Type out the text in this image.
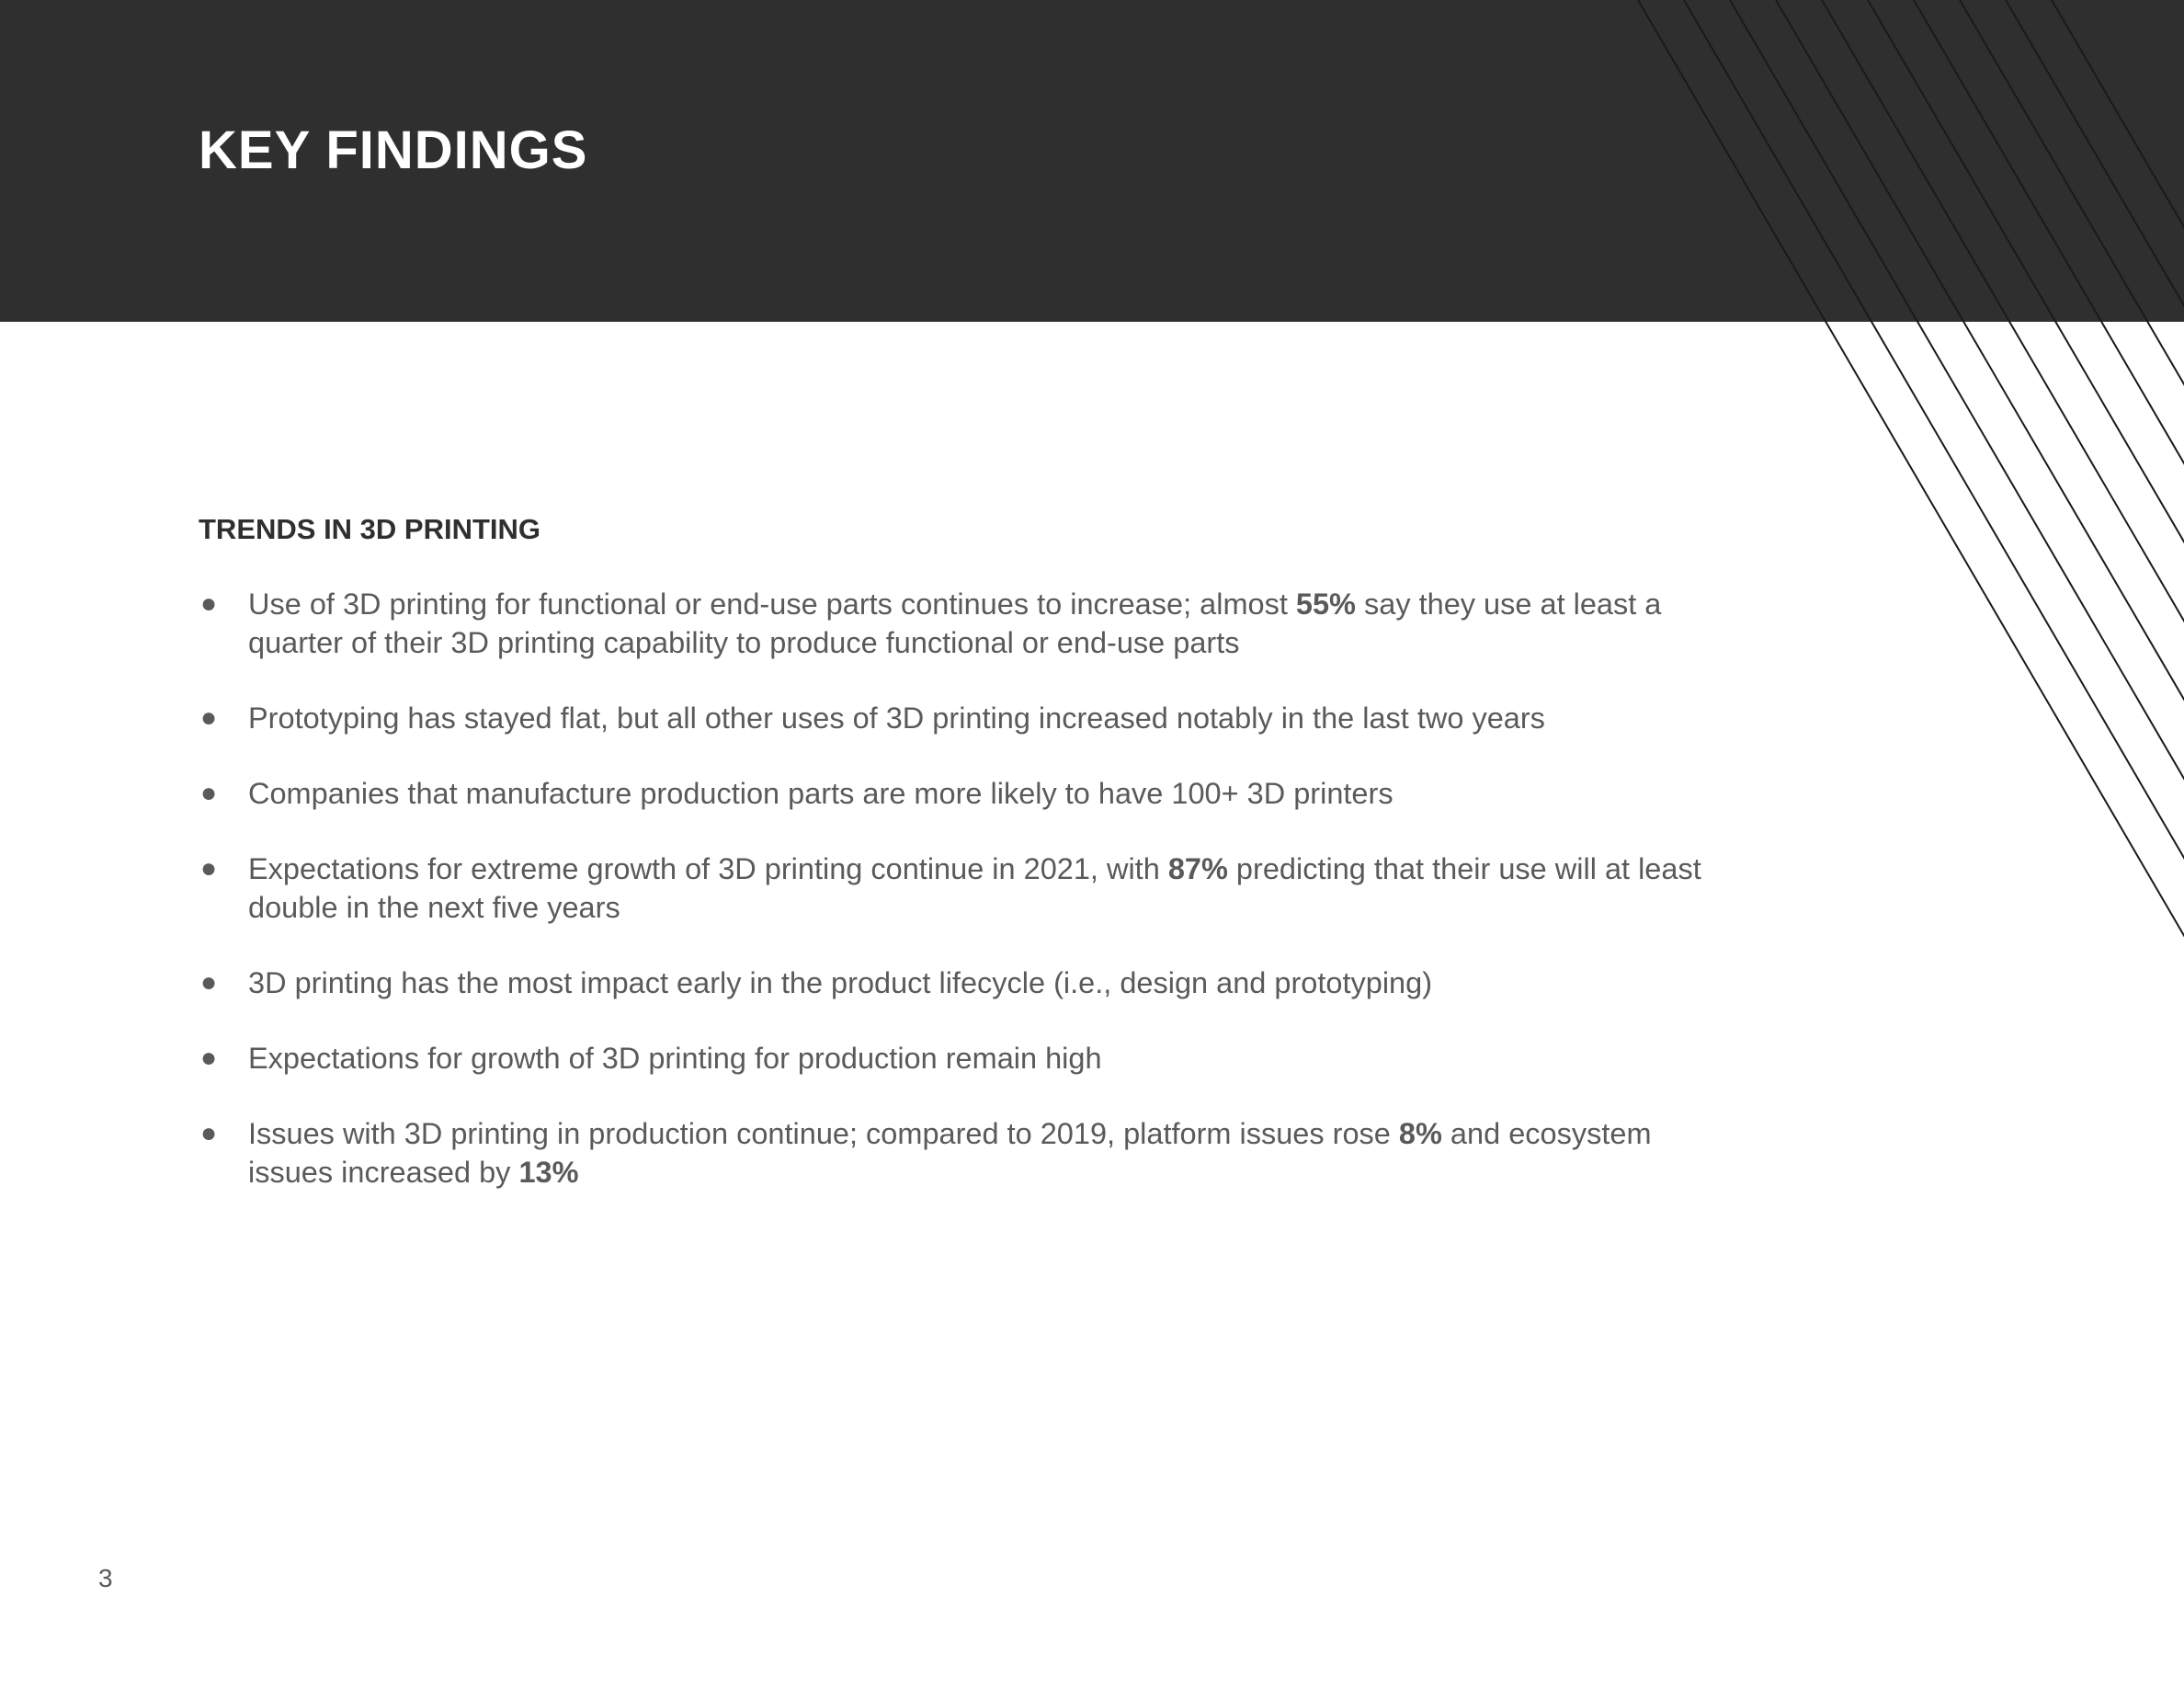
KEY FINDINGS
TRENDS IN 3D PRINTING
● Use of 3D printing for functional or end-use parts continues to increase; almost 55% say they use at least a quarter of their 3D printing capability to produce functional or end-use parts
● Prototyping has stayed flat, but all other uses of 3D printing increased notably in the last two years
● Companies that manufacture production parts are more likely to have 100+ 3D printers
● Expectations for extreme growth of 3D printing continue in 2021, with 87% predicting that their use will at least double in the next five years
● 3D printing has the most impact early in the product lifecycle (i.e., design and prototyping)
● Expectations for growth of 3D printing for production remain high
● Issues with 3D printing in production continue; compared to 2019, platform issues rose 8% and ecosystem issues increased by 13%
3
